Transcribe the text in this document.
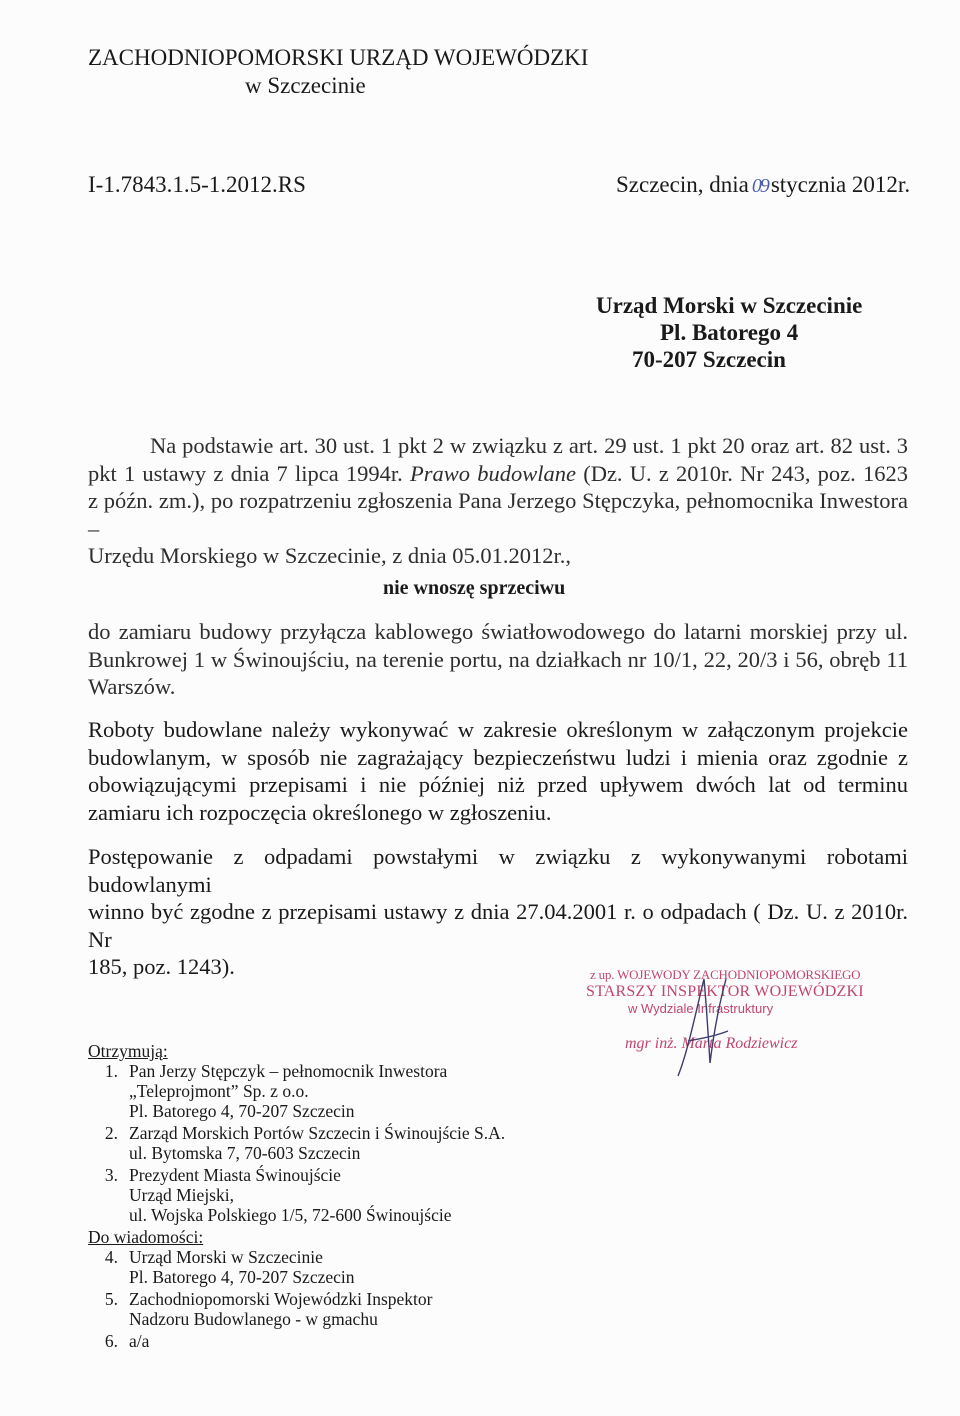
ZACHODNIOPOMORSKI URZĄD WOJEWÓDZKI
w Szczecinie
I-1.7843.1.5-1.2012.RS	Szczecin, dnia 09 stycznia 2012r.
Urząd Morski w Szczecinie
Pl. Batorego 4
70-207 Szczecin
Na podstawie art. 30 ust. 1 pkt 2 w związku z art. 29 ust. 1 pkt 20 oraz art. 82 ust. 3
pkt 1 ustawy z dnia 7 lipca 1994r. Prawo budowlane (Dz. U. z 2010r. Nr 243, poz. 1623
z późn. zm.), po rozpatrzeniu zgłoszenia Pana Jerzego Stępczyka, pełnomocnika Inwestora –
Urzędu Morskiego w Szczecinie, z dnia 05.01.2012r.,
nie wnoszę sprzeciwu
do zamiaru budowy przyłącza kablowego światłowodowego do latarni morskiej przy ul.
Bunkrowej 1 w Świnoujściu, na terenie portu, na działkach nr 10/1, 22, 20/3 i 56, obręb 11
Warszów.
Roboty budowlane należy wykonywać w zakresie określonym w załączonym projekcie
budowlanym, w sposób nie zagrażający bezpieczeństwu ludzi i mienia oraz zgodnie z
obowiązującymi przepisami i nie później niż przed upływem dwóch lat od terminu
zamiaru ich rozpoczęcia określonego w zgłoszeniu.
Postępowanie z odpadami powstałymi w związku z wykonywanymi robotami budowlanymi
winno być zgodne z przepisami ustawy z dnia 27.04.2001 r. o odpadach ( Dz. U. z 2010r. Nr
185, poz. 1243).	z up. WOJEWODY ZACHODNIOPOMORSKIEGO
STARSZY INSPEKTOR WOJEWÓDZKI
w Wydziale Infrastruktury
mgr inż. Marta Rodziewicz
Otrzymują:
1. Pan Jerzy Stępczyk – pełnomocnik Inwestora
„Teleprojmont” Sp. z o.o.
Pl. Batorego 4, 70-207 Szczecin
2. Zarząd Morskich Portów Szczecin i Świnoujście S.A.
ul. Bytomska 7, 70-603 Szczecin
3. Prezydent Miasta Świnoujście
Urząd Miejski,
ul. Wojska Polskiego 1/5, 72-600 Świnoujście
Do wiadomości:
4. Urząd Morski w Szczecinie
Pl. Batorego 4, 70-207 Szczecin
5. Zachodniopomorski Wojewódzki Inspektor
Nadzoru Budowlanego - w gmachu
6. a/a
